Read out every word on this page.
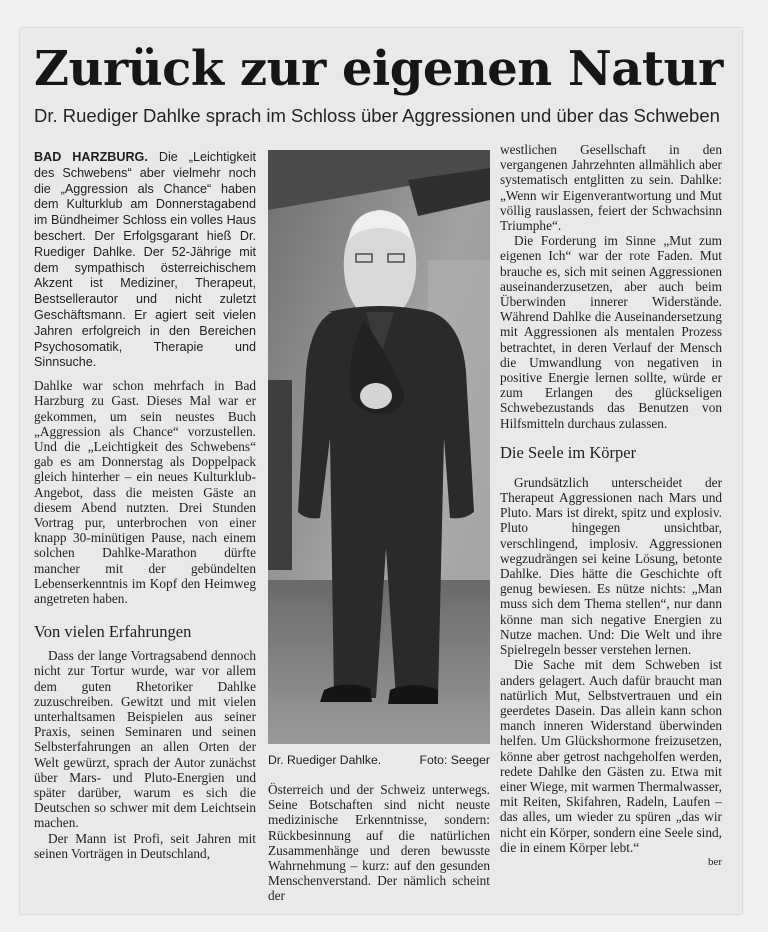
Zurück zur eigenen Natur
Dr. Ruediger Dahlke sprach im Schloss über Aggressionen und über das Schweben

BAD HARZBURG. Die „Leichtigkeit des Schwebens“ aber vielmehr noch die „Aggression als Chance“ haben dem Kulturklub am Donnerstagabend im Bündheimer Schloss ein volles Haus beschert. Der Erfolgsgarant hieß Dr. Ruediger Dahlke. Der 52-Jährige mit dem sympathisch österreichischem Akzent ist Mediziner, Therapeut, Bestsellerautor und nicht zuletzt Geschäftsmann. Er agiert seit vielen Jahren erfolgreich in den Bereichen Psychosomatik, Therapie und Sinnsuche.

Dahlke war schon mehrfach in Bad Harzburg zu Gast. Dieses Mal war er gekommen, um sein neustes Buch „Aggression als Chance“ vorzustellen. Und die „Leichtigkeit des Schwebens“ gab es am Donnerstag als Doppelpack gleich hinterher – ein neues Kulturklub-Angebot, dass die meisten Gäste an diesem Abend nutzten. Drei Stunden Vortrag pur, unterbrochen von einer knapp 30-minütigen Pause, nach einem solchen Dahlke-Marathon dürfte mancher mit der gebündelten Lebenserkenntnis im Kopf den Heimweg angetreten haben.

Von vielen Erfahrungen

Dass der lange Vortragsabend dennoch nicht zur Tortur wurde, war vor allem dem guten Rhetoriker Dahlke zuzuschreiben. Gewitzt und mit vielen unterhaltsamen Beispielen aus seiner Praxis, seinen Seminaren und seinen Selbsterfahrungen an allen Orten der Welt gewürzt, sprach der Autor zunächst über Mars- und Pluto-Energien und später darüber, warum es sich die Deutschen so schwer mit dem Leichtsein machen.

Der Mann ist Profi, seit Jahren mit seinen Vorträgen in Deutschland,

Dr. Ruediger Dahlke.	Foto: Seeger

Österreich und der Schweiz unterwegs. Seine Botschaften sind nicht neuste medizinische Erkenntnisse, sondern: Rückbesinnung auf die natürlichen Zusammenhänge und deren bewusste Wahrnehmung – kurz: auf den gesunden Menschenverstand. Der nämlich scheint der

westlichen Gesellschaft in den vergangenen Jahrzehnten allmählich aber systematisch entglitten zu sein. Dahlke: „Wenn wir Eigenverantwortung und Mut völlig rauslassen, feiert der Schwachsinn Triumphe“.

Die Forderung im Sinne „Mut zum eigenen Ich“ war der rote Faden. Mut brauche es, sich mit seinen Aggressionen auseinanderzusetzen, aber auch beim Überwinden innerer Widerstände. Während Dahlke die Auseinandersetzung mit Aggressionen als mentalen Prozess betrachtet, in deren Verlauf der Mensch die Umwandlung von negativen in positive Energie lernen sollte, würde er zum Erlangen des glückseligen Schwebezustands das Benutzen von Hilfsmitteln durchaus zulassen.

Die Seele im Körper

Grundsätzlich unterscheidet der Therapeut Aggressionen nach Mars und Pluto. Mars ist direkt, spitz und explosiv. Pluto hingegen unsichtbar, verschlingend, implosiv. Aggressionen wegzudrängen sei keine Lösung, betonte Dahlke. Dies hätte die Geschichte oft genug bewiesen. Es nütze nichts: „Man muss sich dem Thema stellen“, nur dann könne man sich negative Energien zu Nutze machen. Und: Die Welt und ihre Spielregeln besser verstehen lernen.

Die Sache mit dem Schweben ist anders gelagert. Auch dafür braucht man natürlich Mut, Selbstvertrauen und ein geerdetes Dasein. Das allein kann schon manch inneren Widerstand überwinden helfen. Um Glückshormone freizusetzen, könne aber getrost nachgeholfen werden, redete Dahlke den Gästen zu. Etwa mit einer Wiege, mit warmen Thermalwasser, mit Reiten, Skifahren, Radeln, Laufen – das alles, um wieder zu spüren „das wir nicht ein Körper, sondern eine Seele sind, die in einem Körper lebt.“

ber
